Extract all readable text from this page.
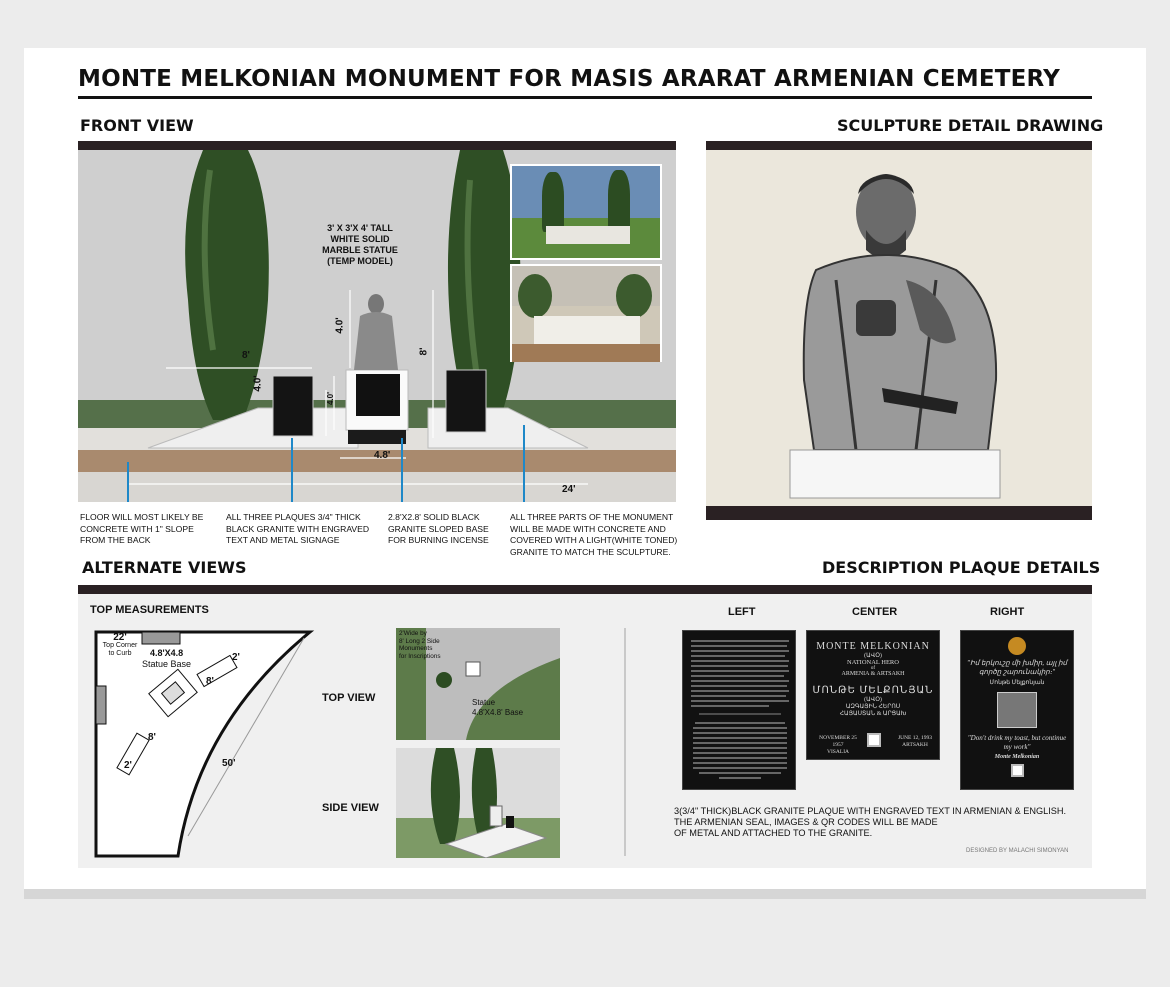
MONTE MELKONIAN MONUMENT FOR MASIS ARARAT ARMENIAN CEMETERY
FRONT VIEW
3' X 3'X 4' TALL
WHITE SOLID
MARBLE STATUE
(TEMP MODEL)
8'
4.0'
4.0'
8'
4.0'
4.8'
24'
FLOOR WILL MOST LIKELY BE CONCRETE WITH 1" SLOPE FROM THE BACK
ALL THREE PLAQUES 3/4" THICK BLACK GRANITE WITH ENGRAVED TEXT AND METAL SIGNAGE
2.8'X2.8' SOLID BLACK GRANITE SLOPED BASE FOR BURNING INCENSE
ALL THREE PARTS OF THE MONUMENT WILL BE MADE WITH CONCRETE AND COVERED WITH A LIGHT(WHITE TONED) GRANITE TO MATCH THE SCULPTURE.
SCULPTURE DETAIL DRAWING
ALTERNATE VIEWS	DESCRIPTION PLAQUE DETAILS
TOP MEASUREMENTS
22'
Top Corner
to Curb	4.8'X4.8
Statue Base
2'
8'
8'
2'	50'
TOP VIEW
SIDE VIEW
2'Wide by
8' Long 2 Side
Monuments
for Inscriptions
Statue
4.8'X4.8' Base
LEFT	CENTER	RIGHT
MONTE MELKONIAN
(ԱՎՕ)
NATIONAL HERO
of
ARMENIA & ARTSAKH
ՄՈՆԹԵ ՄԵԼՔՈՆՅԱՆ
(ԱՎՕ)
ԱԶԳԱՅԻՆ ՀԵՐՈՍ
ՀԱՅԱՍՏԱՆ & ԱՐՑԱԽ
NOVEMBER 25 1957
VISALIA
JUNE 12, 1993
ARTSAKH
"Իմ երկուշը մի խմիր, այլ իմ գործը շարունակիր։"
Մոնթե Մելքոնյան
"Don't drink my toast, but continue my work"
Monte Melkonian
3(3/4" THICK)BLACK GRANITE PLAQUE WITH ENGRAVED TEXT IN ARMENIAN & ENGLISH.
THE ARMENIAN SEAL, IMAGES & QR CODES WILL BE MADE
OF METAL AND ATTACHED TO THE GRANITE.
DESIGNED BY MALACHI SIMONYAN
